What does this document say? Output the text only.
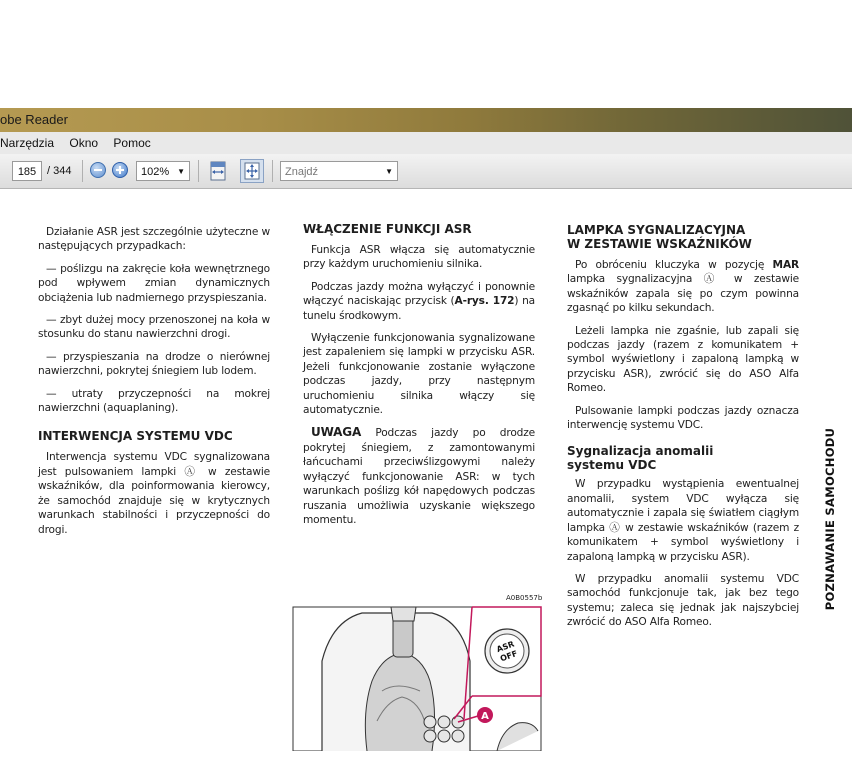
obe Reader
Narzędzia Okno Pomoc
185 / 344	102% ▼	Znajdź	▼

Działanie ASR jest szczególnie użyteczne w następujących przypadkach:

— poślizgu na zakręcie koła wewnętrznego pod wpływem zmian dynamicznych obciążenia lub nadmiernego przyspieszania.

— zbyt dużej mocy przenoszonej na koła w stosunku do stanu nawierzchni drogi.

— przyspieszania na drodze o nierównej nawierzchni, pokrytej śniegiem lub lodem.

— utraty przyczepności na mokrej nawierzchni (aquaplaning).

INTERWENCJA SYSTEMU VDC

Interwencja systemu VDC sygnalizowana jest pulsowaniem lampki Ⓐ w zestawie wskaźników, dla poinformowania kierowcy, że samochód znajduje się w krytycznych warunkach stabilności i przyczepności do drogi.

WŁĄCZENIE FUNKCJI ASR

Funkcja ASR włącza się automatycznie przy każdym uruchomieniu silnika.

Podczas jazdy można wyłączyć i ponownie włączyć naciskając przycisk (A-rys. 172) na tunelu środkowym.

Wyłączenie funkcjonowania sygnalizowane jest zapaleniem się lampki w przycisku ASR. Jeżeli funkcjonowanie zostanie wyłączone podczas jazdy, przy następnym uruchomieniu silnika włączy się automatycznie.

UWAGA Podczas jazdy po drodze pokrytej śniegiem, z zamontowanymi łańcuchami przeciwślizgowymi należy wyłączyć funkcjonowanie ASR: w tych warunkach poślizg kół napędowych podczas ruszania umożliwia uzyskanie większego momentu.

LAMPKA SYGNALIZACYJNA
W ZESTAWIE WSKAŹNIKÓW

Po obróceniu kluczyka w pozycję MAR lampka sygnalizacyjna Ⓐ w zestawie wskaźników zapala się po czym powinna zgasnąć po kilku sekundach.

Leżeli lampka nie zgaśnie, lub zapali się podczas jazdy (razem z komunikatem + symbol wyświetlony i zapaloną lampką w przycisku ASR), zwrócić się do ASO Alfa Romeo.

Pulsowanie lampki podczas jazdy oznacza interwencję systemu VDC.

Sygnalizacja anomalii
systemu VDC

W przypadku wystąpienia ewentualnej anomalii, system VDC wyłącza się automatycznie i zapala się światłem ciągłym lampka Ⓐ w zestawie wskaźników (razem z komunikatem + symbol wyświetlony i zapaloną lampką w przycisku ASR).

W przypadku anomalii systemu VDC samochód funkcjonuje tak, jak bez tego systemu; zaleca się jednak jak najszybciej zwrócić do ASO Alfa Romeo.

POZNAWANIE SAMOCHODU
A0B0557b
ASR
OFF
A
